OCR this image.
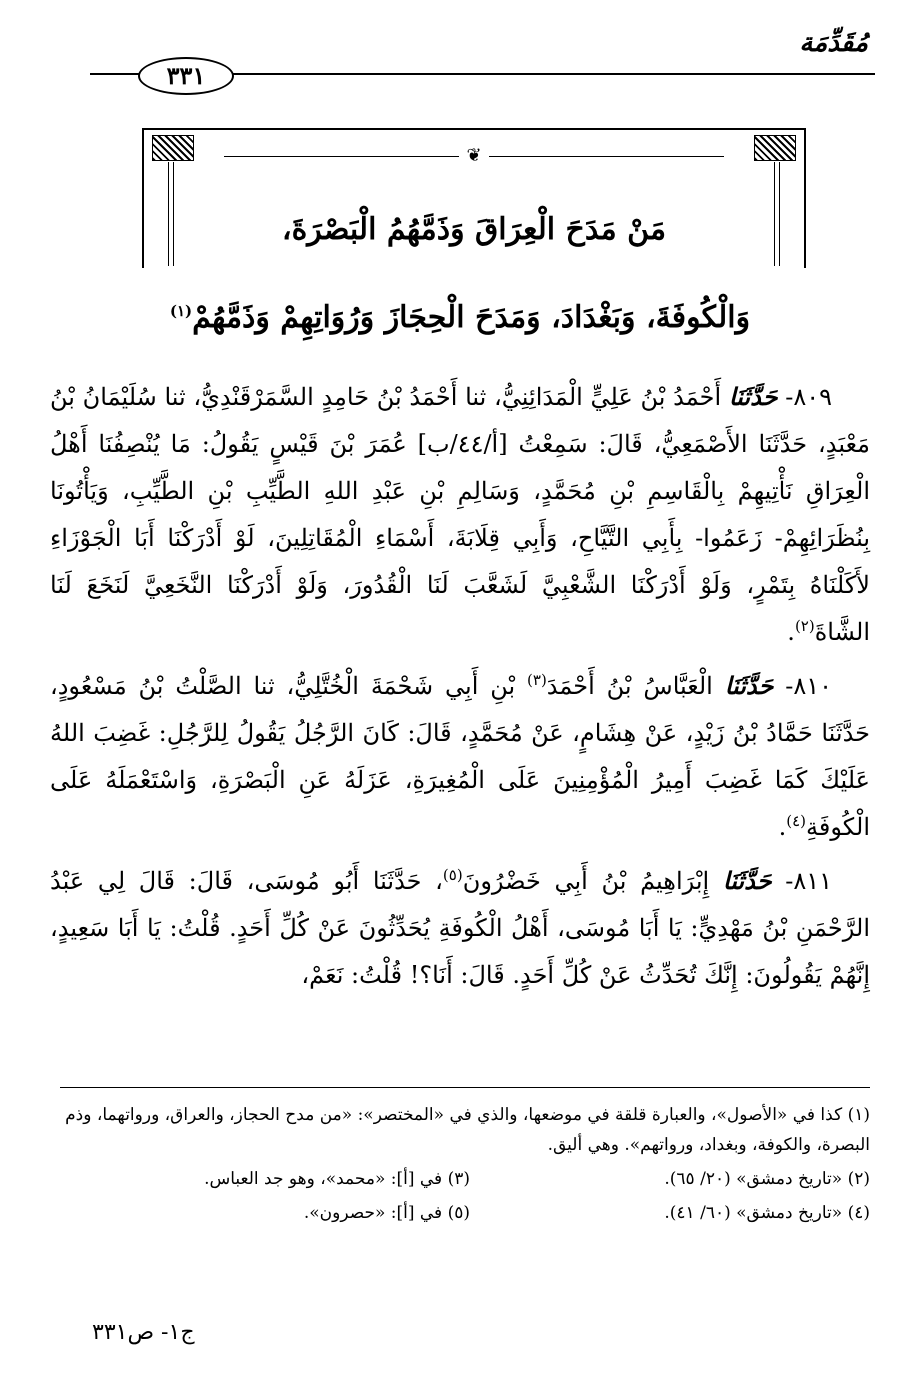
مُقَدِّمَة
٣٣١
❦
مَنْ مَدَحَ الْعِرَاقَ وَذَمَّهُمُ الْبَصْرَةَ،
وَالْكُوفَةَ، وَبَغْدَادَ، وَمَدَحَ الْحِجَازَ وَرُوَاتِهِمْ وَذَمَّهُمْ$^{(١)}$

٨٠٩- حَدَّثَنَا أَحْمَدُ بْنُ عَلِيٍّ الْمَدَائِنِيُّ، ثنا أَحْمَدُ بْنُ حَامِدٍ السَّمَرْقَنْدِيُّ، ثنا سُلَيْمَانُ بْنُ مَعْبَدٍ، حَدَّثَنَا الأَصْمَعِيُّ، قَالَ: سَمِعْتُ [أ/٤٤/ب] عُمَرَ بْنَ قَيْسٍ يَقُولُ: مَا يُنْصِفُنَا أَهْلُ الْعِرَاقِ نَأْتِيهِمْ بِالْقَاسِمِ بْنِ مُحَمَّدٍ، وَسَالِمِ بْنِ عَبْدِ اللهِ الطَّيِّبِ بْنِ الطَّيِّبِ، وَيَأْتُونَا بِنُظَرَائِهِمْ- زَعَمُوا- بِأَبِي التَّيَّاحِ، وَأَبِي قِلَابَةَ، أَسْمَاءِ الْمُقَاتِلِينَ، لَوْ أَدْرَكْنَا أَبَا الْجَوْزَاءِ لأَكَلْنَاهُ بِتَمْرٍ، وَلَوْ أَدْرَكْنَا الشَّعْبِيَّ لَشَعَّبَ لَنَا الْقُدُورَ، وَلَوْ أَدْرَكْنَا النَّخَعِيَّ لَنَخَعَ لَنَا الشَّاةَ$^{(٢)}$.

٨١٠- حَدَّثَنَا الْعَبَّاسُ بْنُ أَحْمَدَ$^{(٣)}$ بْنِ أَبِي شَحْمَةَ الْخُتَّلِيُّ، ثنا الصَّلْتُ بْنُ مَسْعُودٍ، حَدَّثَنَا حَمَّادُ بْنُ زَيْدٍ، عَنْ هِشَامٍ، عَنْ مُحَمَّدٍ، قَالَ: كَانَ الرَّجُلُ يَقُولُ لِلرَّجُلِ: غَضِبَ اللهُ عَلَيْكَ كَمَا غَضِبَ أَمِيرُ الْمُؤْمِنِينَ عَلَى الْمُغِيرَةِ، عَزَلَهُ عَنِ الْبَصْرَةِ، وَاسْتَعْمَلَهُ عَلَى الْكُوفَةِ$^{(٤)}$.

٨١١- حَدَّثَنَا إِبْرَاهِيمُ بْنُ أَبِي خَضْرُونَ$^{(٥)}$، حَدَّثَنَا أَبُو مُوسَى، قَالَ: قَالَ لِي عَبْدُ الرَّحْمَنِ بْنُ مَهْدِيٍّ: يَا أَبَا مُوسَى، أَهْلُ الْكُوفَةِ يُحَدِّثُونَ عَنْ كُلِّ أَحَدٍ. قُلْتُ: يَا أَبَا سَعِيدٍ، إِنَّهُمْ يَقُولُونَ: إِنَّكَ تُحَدِّثُ عَنْ كُلِّ أَحَدٍ. قَالَ: أَنَا؟! قُلْتُ: نَعَمْ،

(١) كذا في «الأصول»، والعبارة قلقة في موضعها، والذي في «المختصر»: «من مدح الحجاز، والعراق، ورواتهما، وذم البصرة، والكوفة، وبغداد، ورواتهم». وهي أليق.

(٢) «تاريخ دمشق» (٢٠/ ٦٥).
(٣) في [أ]: «محمد»، وهو جد العباس.
(٤) «تاريخ دمشق» (٦٠/ ٤١).
(٥) في [أ]: «حصرون».
ج١- ص٣٣١
